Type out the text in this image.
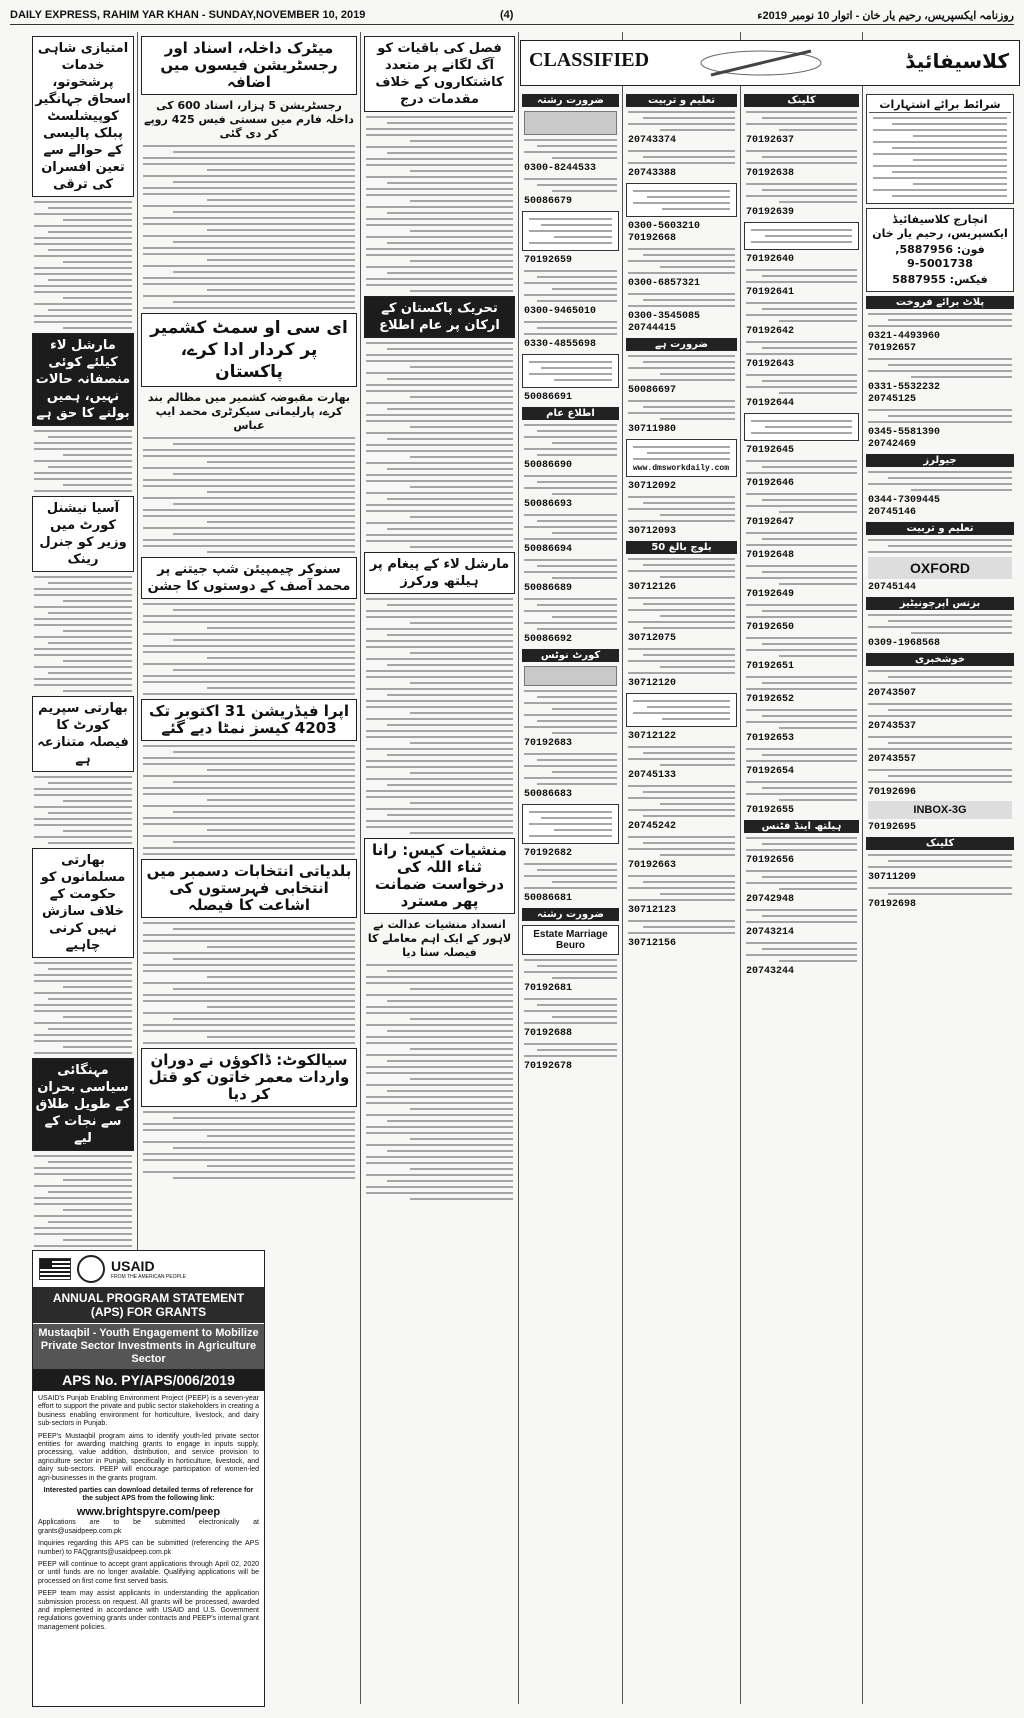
DAILY EXPRESS, RAHIM YAR KHAN - SUNDAY,NOVEMBER 10, 2019	(4)	روزنامہ ایکسپریس، رحیم یار خان - اتوار 10 نومبر 2019ء
امتیازی شاہی خدمات پرشخوتو، اسحاق جہانگیر کوپیشلسٹ پبلک پالیسی کے حوالے سے تعین افسران کی ترقی
مارشل لاء کیلئے کوئی منصفانہ حالات نہیں، ہمیں بولنے کا حق ہے
آسیا نیشنل کورٹ میں وزیر کو جنرل رینک
بھارتی سپریم کورٹ کا فیصلہ متنازعہ ہے
بھارتی مسلمانوں کو حکومت کے خلاف سازش نہیں کرنی چاہیے
مہنگائی سیاسی بحران کے طویل طلاق سے نجات کے لیے
میٹرک داخلہ، اسناد اور رجسٹریشن فیسوں میں اضافہ
رجسٹریشن 5 ہزار، اسناد 600 کی داخلہ فارم میں سستی فیس 425 روپے کر دی گئی
ای سی او سمٹ کشمیر پر کردار ادا کرے، پاکستان
بھارت مقبوضہ کشمیر میں مظالم بند کرے، پارلیمانی سیکرٹری محمد ایپ عباس
سنوکر چیمپیئن شپ جیتنے پر محمد آصف کے دوستوں کا جشن
اپرا فیڈریشن 31 اکتوبر تک 4203 کیسز نمٹا دیے گئے
بلدیاتی انتخابات دسمبر میں انتخابی فہرستوں کی اشاعت کا فیصلہ
سیالکوٹ: ڈاکوؤں نے دوران واردات معمر خاتون کو قتل کر دیا
فصل کی باقیات کو آگ لگانے پر متعدد کاشتکاروں کے خلاف مقدمات درج
تحریک پاکستان کے ارکان پر عام اطلاع
مارشل لاء کے پیغام پر ہیلتھ ورکرز
منشیات کیس: رانا ثناء اللہ کی درخواست ضمانت پھر مسترد
انسداد منشیات عدالت نے لاہور کے ایک اہم معاملے کا فیصلہ سنا دیا
USAID
FROM THE AMERICAN PEOPLE
ANNUAL PROGRAM STATEMENT (APS) FOR GRANTS
Mustaqbil - Youth Engagement to Mobilize Private Sector Investments in Agriculture Sector
APS No. PY/APS/006/2019

USAID's Punjab Enabling Environment Project (PEEP) is a seven-year effort to support the private and public sector stakeholders in creating a business enabling environment for horticulture, livestock, and dairy sub-sectors in Punjab.

PEEP's Mustaqbil program aims to identify youth-led private sector entities for awarding matching grants to engage in inputs supply, processing, value addition, distribution, and service provision to agriculture sector in Punjab, specifically in horticulture, livestock, and dairy sub-sectors. PEEP will encourage participation of women-led agri-businesses in the grants program.

Interested parties can download detailed terms of reference for the subject APS from the following link:

www.brightspyre.com/peep

Applications are to be submitted electronically at grants@usaidpeep.com.pk

Inquiries regarding this APS can be submitted (referencing the APS number) to FAQgrants@usaidpeep.com.pk

PEEP will continue to accept grant applications through April 02, 2020 or until funds are no longer available. Qualifying applications will be processed on first come first served basis.

PEEP team may assist applicants in understanding the application submission process on request. All grants will be processed, awarded and implemented in accordance with USAID and U.S. Government regulations governing grants under contracts and PEEP's internal grant management policies.

CLASSIFIED	کلاسیفائیڈ
ضرورت رشتہ
0300-8244533
50086679
70192659
0300-9465010
0330-4855698
50086691
اطلاع عام
50086690
50086693
50086694
50086689
50086692
کورٹ نوٹس
70192683
50086683
70192682
50086681
ضرورت رشتہ
Estate Marriage Beuro
70192681
70192688
70192678
تعلیم و تربیت
20743374
20743388
0300-5603210
70192668
0300-6857321
0300-3545085
20744415
ضرورت ہے
50086697
30711980
www.dmsworkdaily.com
30712092
30712093
بلوچ بالغ 50
30712126
30712075
30712120
30712122
20745133
20745242
70192663
30712123
30712156
کلینک
70192637
70192638
70192639
70192640
70192641
70192642
70192643
70192644
70192645
70192646
70192647
70192648
70192649
70192650
70192651
70192652
70192653
70192654
70192655
ہیلتھ اینڈ فٹنس
70192656
20742948
20743214
20743244
شرائط برائے اشتہارات
انچارج کلاسیفائیڈ ایکسپریس، رحیم یار خان
فون: 5887956, 5001738-9
فیکس: 5887955
پلاٹ برائے فروخت
0321-4493960
70192657
0331-5532232
20745125
0345-5581390
20742469
جیولرز
0344-7309445
20745146
تعلیم و تربیت
OXFORD
20745144
بزنس اپرچونیٹیز
0309-1968568
خوشخبری
20743507
20743537
20743557
70192696
INBOX-3G
70192695
کلینک
30711209
70192698
